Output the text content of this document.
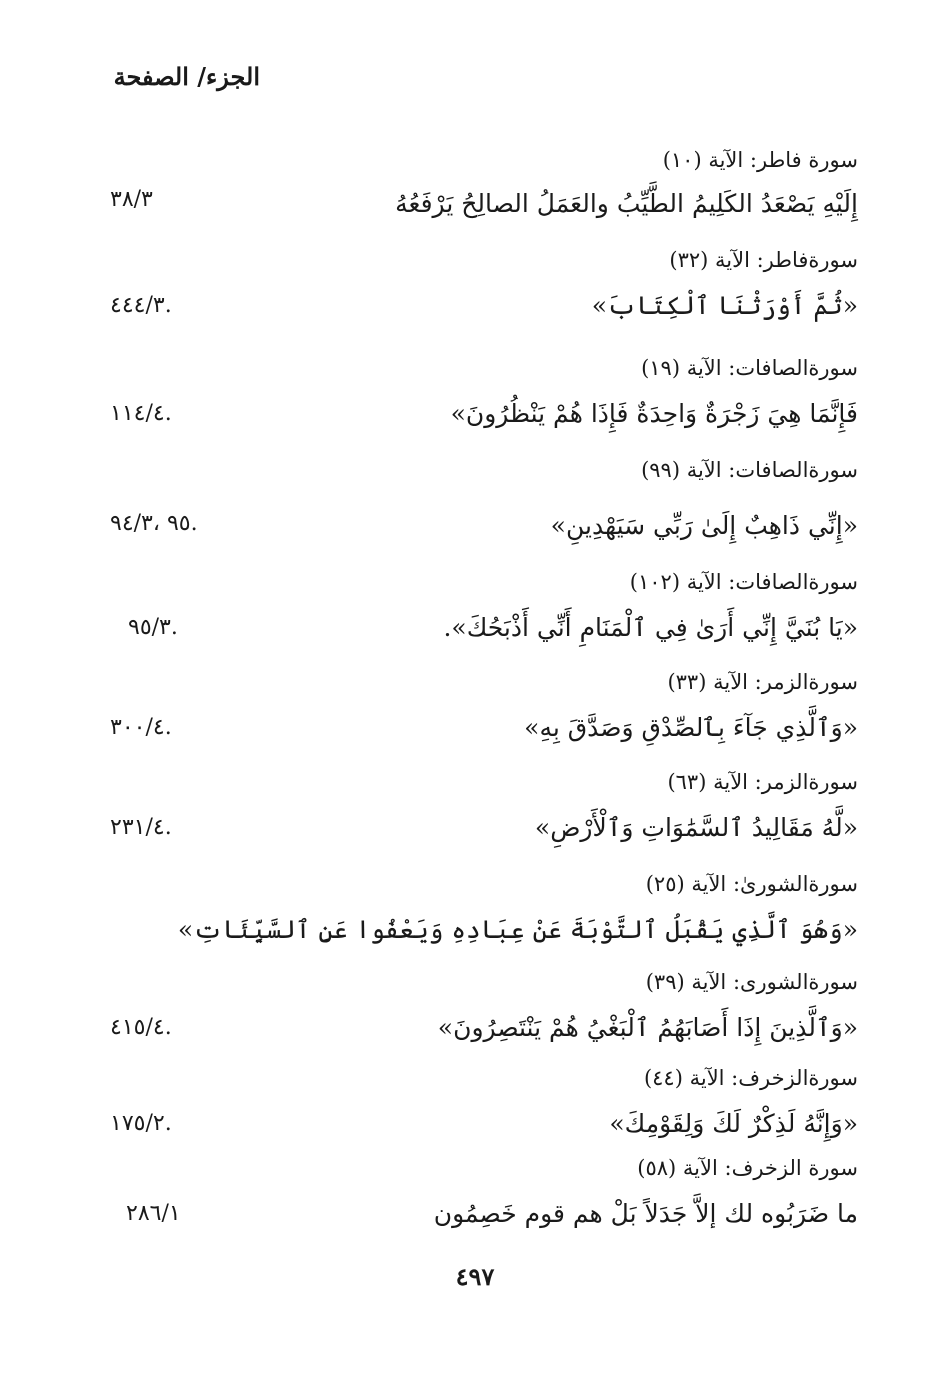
الجزء/ الصفحة
سورة فاطر: الآية (١٠)
إِلَيْهِ يَصْعَدُ الكَلِيمُ الطَّيِّبُ والعَمَلُ الصالِحُ يَرْفَعُهُ
٣٨/٣
سورةفاطر: الآية (٣٢)
«ثُمَّ أَوْرَثْنَا ٱلْكِتَابَ»
.٤٤٤/٣
سورةالصافات: الآية (١٩)
فَإِنَّمَا هِيَ زَجْرَةٌ وَاحِدَةٌ فَإِذَا هُمْ يَنْظُرُونَ»
.١١٤/٤
سورةالصافات: الآية (٩٩)
«إِنِّي ذَاهِبٌ إِلَىٰ رَبِّي سَيَهْدِينِ»
.٩٥ ،٩٤/٣
سورةالصافات: الآية (١٠٢)
«يَا بُنَيَّ إِنِّي أَرَىٰ فِي ٱلْمَنَامِ أَنِّي أَذْبَحُكَ».
.٩٥/٣
سورةالزمر: الآية (٣٣)
«وَٱلَّذِي جَآءَ بِٱلصِّدْقِ وَصَدَّقَ بِهِ»
.٣٠٠/٤
سورةالزمر: الآية (٦٣)
«لَّهُ مَقَالِيدُ ٱلسَّمَٰوَاتِ وَٱلْأَرْضِ»
.٢٣١/٤
سورةالشورىٰ: الآية (٢٥)
«وَهُوَ ٱلَّذِي يَقْبَلُ ٱلتَّوْبَةَ عَنْ عِبَادِهِ وَيَعْفُوا عَنِ ٱلسَّيِّئَاتِ»
سورةالشورى: الآية (٣٩)
«وَٱلَّذِينَ إِذَا أَصَابَهُمُ ٱلْبَغْيُ هُمْ يَنْتَصِرُونَ»
.٤١٥/٤
سورةالزخرف: الآية (٤٤)
«وَإِنَّهُ لَذِكْرٌ لَكَ وَلِقَوْمِكَ»
.١٧٥/٢
سورة الزخرف: الآية (٥٨)
ما ضَرَبُوه لك إلاَّ جَدَلاً بَلْ هم قوم خَصِمُون
٢٨٦/١
٤٩٧
